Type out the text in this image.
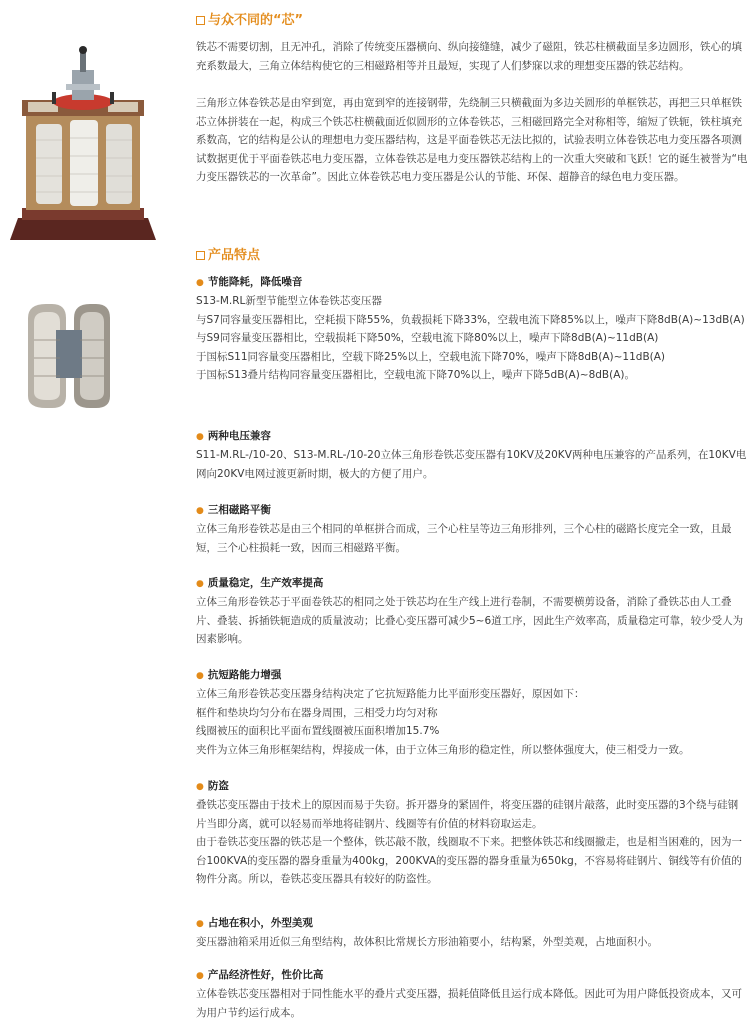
与众不同的“芯”

铁芯不需要切割，且无冲孔，消除了传统变压器横向、纵向接缝缝，减少了磁阻，铁芯柱横截面呈多边圆形，铁心的填充系数最大，三角立体结构使它的三相磁路相等并且最短，实现了人们梦寐以求的理想变压器的铁芯结构。

三角形立体卷铁芯是由窄到宽，再由宽到窄的连接钢带，先绕制三只横截面为多边关圆形的单框铁芯，再把三只单框铁芯立体拼装在一起，构成三个铁芯柱横截面近似圆形的立体卷铁芯，三相磁回路完全对称相等，缩短了铁轭，铁柱填充系数高，它的结构是公认的理想电力变压器结构，这是平面卷铁芯无法比拟的，试验表明立体卷铁芯电力变压器各项测试数据更优于平面卷铁芯电力变压器，立体卷铁芯是电力变压器铁芯结构上的一次重大突破和飞跃！它的诞生被誉为“电力变压器铁芯的一次革命”。因此立体卷铁芯电力变压器是公认的节能、环保、超静音的绿色电力变压器。

产品特点
● 节能降耗，降低噪音

S13-M.RL新型节能型立体卷铁芯变压器
与S7同容量变压器相比，空耗损下降55%，负载损耗下降33%，空载电流下降85%以上，噪声下降8dB(A)~13dB(A)
与S9同容量变压器相比，空载损耗下降50%，空载电流下降80%以上，噪声下降8dB(A)~11dB(A)
于国标S11同容量变压器相比，空载下降25%以上，空载电流下降70%，噪声下降8dB(A)~11dB(A)
于国标S13叠片结构同容量变压器相比，空载电流下降70%以上，噪声下降5dB(A)~8dB(A)。

● 两种电压兼容

S11-M.RL-/10-20、S13-M.RL-/10-20立体三角形卷铁芯变压器有10KV及20KV两种电压兼容的产品系列，在10KV电网向20KV电网过渡更新时期，极大的方便了用户。

● 三相磁路平衡

立体三角形卷铁芯是由三个相同的单框拼合而成，三个心柱呈等边三角形排列，三个心柱的磁路长度完全一致，且最短，三个心柱损耗一致，因而三相磁路平衡。

● 质量稳定，生产效率提高

立体三角形卷铁芯于平面卷铁芯的相同之处于铁芯均在生产线上进行卷制，不需要横剪设备，消除了叠铁芯由人工叠片、叠装、拆插铁轭造成的质量波动；比叠心变压器可减少5~6道工序，因此生产效率高，质量稳定可靠，较少受人为因素影响。

● 抗短路能力增强

立体三角形卷铁芯变压器身结构决定了它抗短路能力比平面形变压器好，原因如下：
框件和垫块均匀分布在器身周围，三相受力均匀对称
线圈被压的面积比平面布置线圈被压面积增加15.7%
夹件为立体三角形框架结构，焊接成一体，由于立体三角形的稳定性，所以整体强度大，使三相受力一致。

● 防盗

叠铁芯变压器由于技术上的原因而易于失窃。拆开器身的紧固件，将变压器的硅钢片敲落，此时变压器的3个绕与硅钢片当即分离，就可以轻易而举地将硅钢片、线圈等有价值的材料窃取运走。
由于卷铁芯变压器的铁芯是一个整体，铁芯敲不散，线圈取不下来。把整体铁芯和线圈撤走，也是相当困难的，因为一台100KVA的变压器的器身重量为400kg，200KVA的变压器的器身重量为650kg，不容易将硅钢片、铜线等有价值的物件分离。所以，卷铁芯变压器具有较好的防盗性。

● 占地在积小，外型美观

变压器油箱采用近似三角型结构，故体积比常规长方形油箱要小，结构紧，外型美观，占地面积小。

● 产品经济性好，性价比高

立体卷铁芯变压器相对于同性能水平的叠片式变压器，损耗值降低且运行成本降低。因此可为用户降低投资成本，又可为用户节约运行成本。
